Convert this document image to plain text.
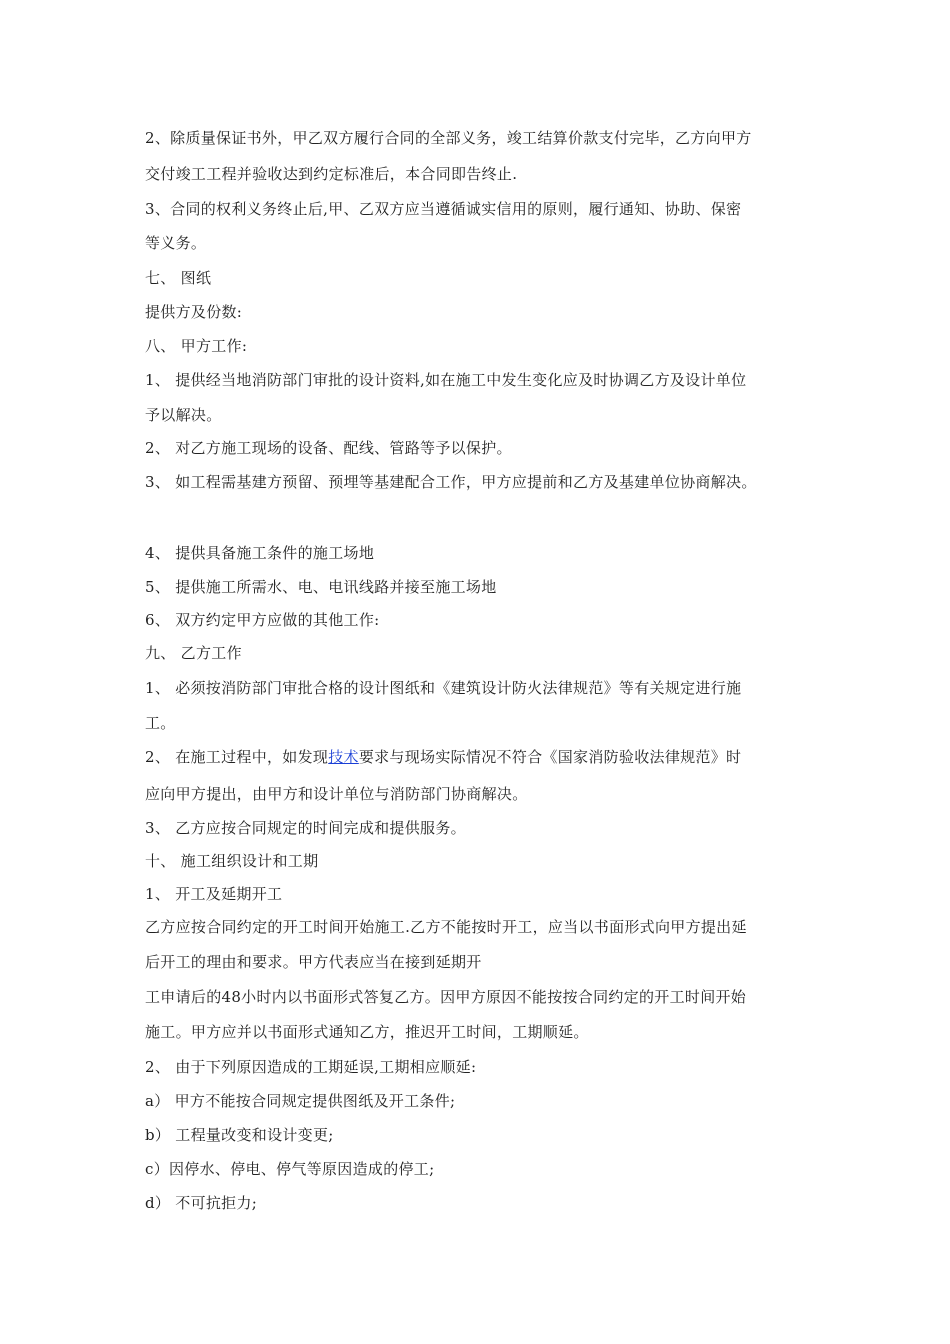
2、除质量保证书外，甲乙双方履行合同的全部义务，竣工结算价款支付完毕，乙方向甲方
交付竣工工程并验收达到约定标准后，本合同即告终止.
3、合同的权利义务终止后,甲、乙双方应当遵循诚实信用的原则，履行通知、协助、保密
等义务。
七、 图纸
提供方及份数:
八、 甲方工作:
1、 提供经当地消防部门审批的设计资料,如在施工中发生变化应及时协调乙方及设计单位
予以解决。
2、 对乙方施工现场的设备、配线、管路等予以保护。
3、 如工程需基建方预留、预埋等基建配合工作，甲方应提前和乙方及基建单位协商解决。
4、 提供具备施工条件的施工场地
5、 提供施工所需水、电、电讯线路并接至施工场地
6、 双方约定甲方应做的其他工作:
九、 乙方工作
1、 必须按消防部门审批合格的设计图纸和《建筑设计防火法律规范》等有关规定进行施
工。
2、 在施工过程中，如发现技术要求与现场实际情况不符合《国家消防验收法律规范》时
应向甲方提出，由甲方和设计单位与消防部门协商解决。
3、 乙方应按合同规定的时间完成和提供服务。
十、 施工组织设计和工期
1、 开工及延期开工
乙方应按合同约定的开工时间开始施工.乙方不能按时开工，应当以书面形式向甲方提出延
后开工的理由和要求。甲方代表应当在接到延期开
工申请后的48小时内以书面形式答复乙方。因甲方原因不能按按合同约定的开工时间开始
施工。甲方应并以书面形式通知乙方，推迟开工时间，工期顺延。
2、 由于下列原因造成的工期延误,工期相应顺延:
a） 甲方不能按合同规定提供图纸及开工条件;
b） 工程量改变和设计变更;
c）因停水、停电、停气等原因造成的停工;
d） 不可抗拒力;
